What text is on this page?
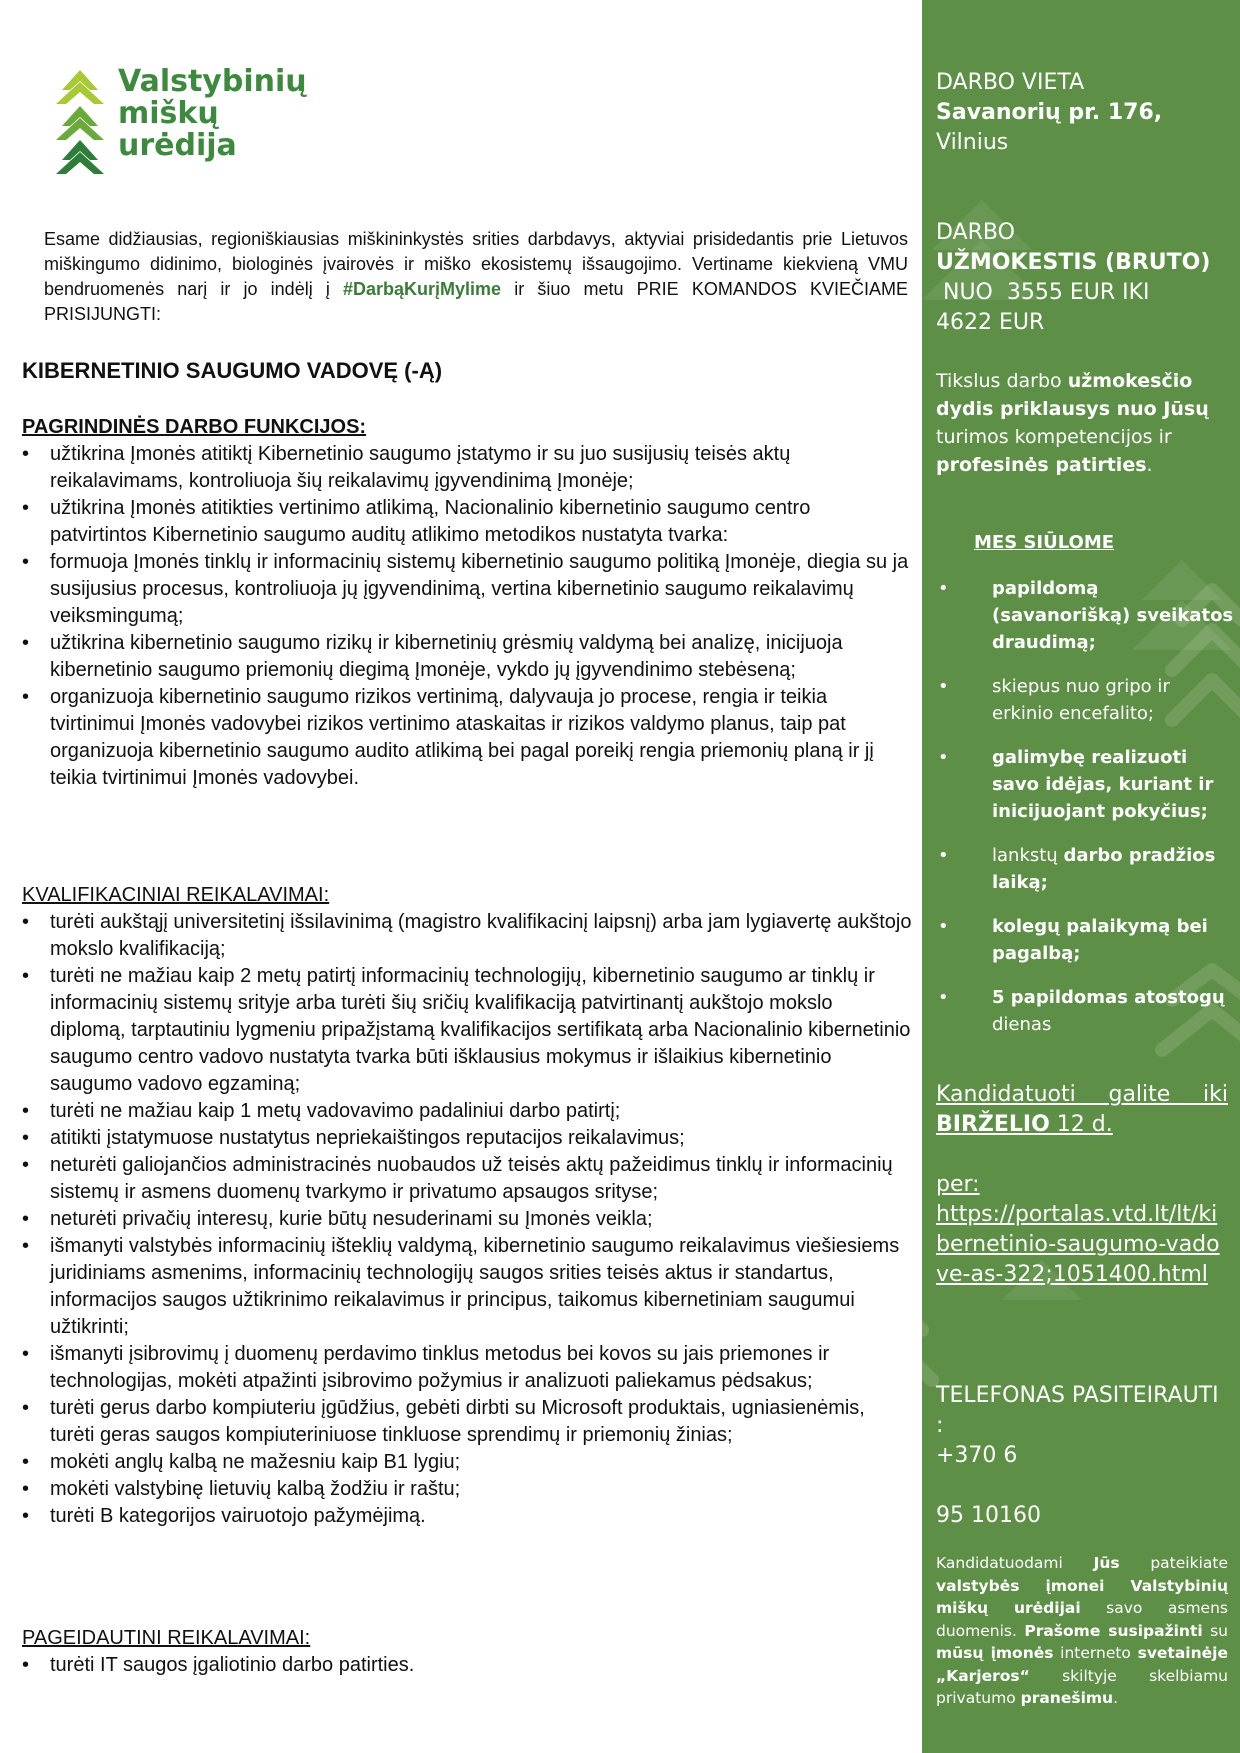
Valstybinių
miškų
urėdija
Esame didžiausias, regioniškiausias miškininkystės srities darbdavys, aktyviai prisidedantis prie Lietuvos miškingumo didinimo, biologinės įvairovės ir miško ekosistemų išsaugojimo. Vertiname kiekvieną VMU bendruomenės narį ir jo indėlį į #DarbąKurįMylime ir šiuo metu PRIE KOMANDOS KVIEČIAME PRISIJUNGTI:
KIBERNETINIO SAUGUMO VADOVĘ (-Ą)
PAGRINDINĖS DARBO FUNKCIJOS:
• užtikrina Įmonės atitiktį Kibernetinio saugumo įstatymo ir su juo susijusių teisės aktų reikalavimams, kontroliuoja šių reikalavimų įgyvendinimą Įmonėje;
• užtikrina Įmonės atitikties vertinimo atlikimą, Nacionalinio kibernetinio saugumo centro patvirtintos Kibernetinio saugumo auditų atlikimo metodikos nustatyta tvarka:
• formuoja Įmonės tinklų ir informacinių sistemų kibernetinio saugumo politiką Įmonėje, diegia su ja susijusius procesus, kontroliuoja jų įgyvendinimą, vertina kibernetinio saugumo reikalavimų veiksmingumą;
• užtikrina kibernetinio saugumo rizikų ir kibernetinių grėsmių valdymą bei analizę, inicijuoja kibernetinio saugumo priemonių diegimą Įmonėje, vykdo jų įgyvendinimo stebėseną;
• organizuoja kibernetinio saugumo rizikos vertinimą, dalyvauja jo procese, rengia ir teikia tvirtinimui Įmonės vadovybei rizikos vertinimo ataskaitas ir rizikos valdymo planus, taip pat organizuoja kibernetinio saugumo audito atlikimą bei pagal poreikį rengia priemonių planą ir jį teikia tvirtinimui Įmonės vadovybei.
KVALIFIKACINIAI REIKALAVIMAI:
• turėti aukštąjį universitetinį išsilavinimą (magistro kvalifikacinį laipsnį) arba jam lygiavertę aukštojo mokslo kvalifikaciją;
• turėti ne mažiau kaip 2 metų patirtį informacinių technologijų, kibernetinio saugumo ar tinklų ir informacinių sistemų srityje arba turėti šių sričių kvalifikaciją patvirtinantį aukštojo mokslo diplomą, tarptautiniu lygmeniu pripažįstamą kvalifikacijos sertifikatą arba Nacionalinio kibernetinio saugumo centro vadovo nustatyta tvarka būti išklausius mokymus ir išlaikius kibernetinio saugumo vadovo egzaminą;
• turėti ne mažiau kaip 1 metų vadovavimo padaliniui darbo patirtį;
• atitikti įstatymuose nustatytus nepriekaištingos reputacijos reikalavimus;
• neturėti galiojančios administracinės nuobaudos už teisės aktų pažeidimus tinklų ir informacinių sistemų ir asmens duomenų tvarkymo ir privatumo apsaugos srityse;
• neturėti privačių interesų, kurie būtų nesuderinami su Įmonės veikla;
• išmanyti valstybės informacinių išteklių valdymą, kibernetinio saugumo reikalavimus viešiesiems juridiniams asmenims, informacinių technologijų saugos srities teisės aktus ir standartus, informacijos saugos užtikrinimo reikalavimus ir principus, taikomus kibernetiniam saugumui užtikrinti;
• išmanyti įsibrovimų į duomenų perdavimo tinklus metodus bei kovos su jais priemones ir technologijas, mokėti atpažinti įsibrovimo požymius ir analizuoti paliekamus pėdsakus;
• turėti gerus darbo kompiuteriu įgūdžius, gebėti dirbti su Microsoft produktais, ugniasienėmis, turėti geras saugos kompiuteriniuose tinkluose sprendimų ir priemonių žinias;
• mokėti anglų kalbą ne mažesniu kaip B1 lygiu;
• mokėti valstybinę lietuvių kalbą žodžiu ir raštu;
• turėti B kategorijos vairuotojo pažymėjimą.
PAGEIDAUTINI REIKALAVIMAI:
• turėti IT saugos įgaliotinio darbo patirties.
DARBO VIETA
Savanorių pr. 176,
Vilnius
DARBO
UŽMOKESTIS (BRUTO)
NUO  3555 EUR IKI
4622 EUR
Tikslus darbo užmokesčio dydis priklausys nuo Jūsų turimos kompetencijos ir profesinės patirties.
MES SIŪLOME
• papildomą (savanorišką) sveikatos draudimą;
• skiepus nuo gripo ir erkinio encefalito;
• galimybę realizuoti savo idėjas, kuriant ir inicijuojant pokyčius;
• lankstų darbo pradžios laiką;
• kolegų palaikymą bei pagalbą;
• 5 papildomas atostogų dienas
Kandidatuoti galite iki
BIRŽELIO 12 d.
per:
https://portalas.vtd.lt/lt/kibernetinio-saugumo-vadove-as-322;1051400.html
TELEFONAS PASITEIRAUTI :
+370 6
95 10160
Kandidatuodami Jūs pateikiate valstybės įmonei Valstybinių miškų urėdijai savo asmens duomenis. Prašome susipažinti su mūsų įmonės interneto svetainėje „Karjeros“ skiltyje skelbiamu privatumo pranešimu.
